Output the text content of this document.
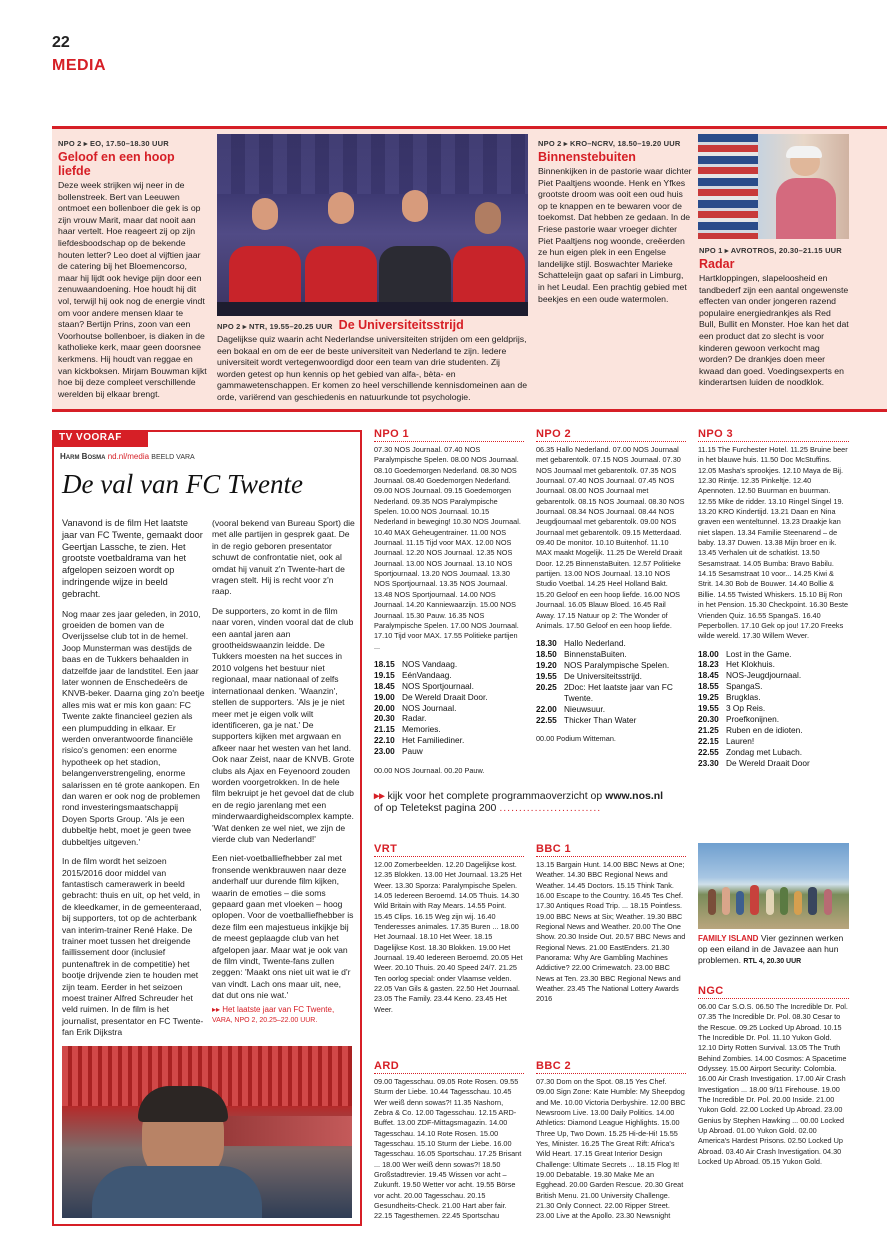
22
MEDIA
NPO 2 ▸ EO, 17.50–18.30 UUR
Geloof en een hoop liefde
Deze week strijken wij neer in de bollenstreek. Bert van Leeuwen ontmoet een bollenboer die gek is op zijn vrouw Marit, maar dat nooit aan haar vertelt. Hoe reageert zij op zijn liefdesboodschap op de bekende houten letter? Leo doet al vijftien jaar de catering bij het Bloemencorso, maar hij lijdt ook hevige pijn door een zenuwaandoening. Hoe houdt hij dit vol, terwijl hij ook nog de energie vindt om voor andere mensen klaar te staan? Bertijn Prins, zoon van een Voorhoutse bollenboer, is diaken in de katholieke kerk, maar geen doorsnee kerkmens. Hij houdt van reggae en van kickboksen. Mirjam Bouwman kijkt hoe bij deze compleet verschillende werelden bij elkaar brengt.
NPO 2 ▸ NTR, 19.55–20.25 UUR De Universiteitsstrijd
Dagelijkse quiz waarin acht Nederlandse universiteiten strijden om een geldprijs, een bokaal en om de eer de beste universiteit van Nederland te zijn. Iedere universiteit wordt vertegenwoordigd door een team van drie studenten. Zij worden getest op hun kennis op het gebied van alfa-, bèta- en gammawetenschappen. Er komen zo heel verschillende kennisdomeinen aan de orde, variërend van geschiedenis en natuurkunde tot psychologie.
NPO 2 ▸ KRO–NCRV, 18.50–19.20 UUR
Binnenstebuiten
Binnenkijken in de pastorie waar dichter Piet Paaltjens woonde. Henk en Yfkes grootste droom was ooit een oud huis op te knappen en te bewaren voor de toekomst. Dat hebben ze gedaan. In de Friese pastorie waar vroeger dichter Piet Paaltjens nog woonde, creëerden ze hun eigen plek in een Engelse landelijke stijl. Boswachter Marieke Schatteleijn gaat op safari in Limburg, in het Leudal. Een prachtig gebied met beekjes en een oude watermolen.
NPO 1 ▸ AVROTROS, 20.30–21.15 UUR
Radar
Hartkloppingen, slapeloosheid en tandbederf zijn een aantal ongewenste effecten van onder jongeren razend populaire energiedrankjes als Red Bull, Bullit en Monster. Hoe kan het dat een product dat zo slecht is voor kinderen gewoon verkocht mag worden? De drankjes doen meer kwaad dan goed. Voedingsexperts en kinderartsen luiden de noodklok.
TV VOORAF
Harm Bosma nd.nl/media BEELD VARA
De val van FC Twente

Vanavond is de film Het laatste jaar van FC Twente, gemaakt door Geertjan Lassche, te zien. Het grootste voetbaldrama van het afgelopen seizoen wordt op indringende wijze in beeld gebracht.

Nog maar zes jaar geleden, in 2010, groeiden de bomen van de Overijsselse club tot in de hemel. Joop Munsterman was destijds de baas en de Tukkers behaalden in datzelfde jaar de landstitel. Een jaar later wonnen de Enschedeërs de KNVB-beker. Daarna ging zo'n beetje alles mis wat er mis kon gaan: FC Twente zakte financieel gezien als een plumpudding in elkaar. Er werden onverantwoorde financiële risico's genomen: een enorme hypotheek op het stadion, belangenverstrengeling, enorme salarissen en té grote aankopen. En dan waren er ook nog de problemen rond investeringsmaatschappij Doyen Sports Group. 'Als je een dubbeltje hebt, moet je geen twee dubbeltjes uitgeven.'

In de film wordt het seizoen 2015/2016 door middel van fantastisch camerawerk in beeld gebracht: thuis en uit, op het veld, in de kleedkamer, in de gemeenteraad, bij supporters, tot op de achterbank van interim-trainer René Hake. De trainer moet tussen het dreigende faillissement door (inclusief puntenaftrek in de competitie) het bootje drijvende zien te houden met zijn team. Eerder in het seizoen moest trainer Alfred Schreuder het veld ruimen. In de film is het journalist, presentator en FC Twente-fan Erik Dijkstra

(vooral bekend van Bureau Sport) die met alle partijen in gesprek gaat. De in de regio geboren presentator schuwt de confrontatie niet, ook al omdat hij vanuit z'n Twente-hart de vragen stelt. Hij is recht voor z'n raap.

De supporters, zo komt in de film naar voren, vinden vooral dat de club een aantal jaren aan grootheidswaanzin leidde. De Tukkers moesten na het succes in 2010 volgens het bestuur niet regionaal, maar nationaal of zelfs internationaal denken. 'Waanzin', stellen de supporters. 'Als je je niet meer met je eigen volk wilt identificeren, ga je nat.' De supporters kijken met argwaan en afkeer naar het westen van het land. Ook naar Zeist, naar de KNVB. Grote clubs als Ajax en Feyenoord zouden worden voorgetrokken. In de hele film bekruipt je het gevoel dat de club en de regio jarenlang met een minderwaardigheidscomplex kampte. 'Wat denken ze wel niet, we zijn de vierde club van Nederland!'

Een niet-voetballiefhebber zal met fronsende wenkbrauwen naar deze anderhalf uur durende film kijken, waarin de emoties – die soms gepaard gaan met vloeken – hoog oplopen. Voor de voetballiefhebber is deze film een majestueus inkijkje bij de meest geplaagde club van het afgelopen jaar. Maar wat je ook van de film vindt, Twente-fans zullen zeggen: 'Maakt ons niet uit wat ie d'r van vindt. Lach ons maar uit, nee, dat dut ons nie wat.'

▸▸ Het laatste jaar van FC Twente,
VARA, NPO 2, 20.25–22.00 UUR.
NPO 1
07.30 NOS Journaal. 07.40 NOS Paralympische Spelen. 08.00 NOS Journaal. 08.10 Goedemorgen Nederland. 08.30 NOS Journaal. 08.40 Goedemorgen Nederland. 09.00 NOS Journaal. 09.15 Goedemorgen Nederland. 09.35 NOS Paralympische Spelen. 10.00 NOS Journaal. 10.15 Nederland in beweging! 10.30 NOS Journaal. 10.40 MAX Geheugentrainer. 11.00 NOS Journaal. 11.15 Tijd voor MAX. 12.00 NOS Journaal. 12.20 NOS Journaal. 12.35 NOS Journaal. 13.00 NOS Journaal. 13.10 NOS Sportjournaal. 13.20 NOS Journaal. 13.30 NOS Sportjournaal. 13.35 NOS Journaal. 13.48 NOS Sportjournaal. 14.00 NOS Journaal. 14.20 Kanniewaarzijn. 15.00 NOS Journaal. 15.30 Pauw. 16.35 NOS Paralympische Spelen. 17.00 NOS Journaal. 17.10 Tijd voor MAX. 17.55 Politieke partijen ...
18.15	NOS Vandaag.
19.15	EénVandaag.
18.45	NOS Sportjournaal.
19.00	De Wereld Draait Door.
20.00	NOS Journaal.
20.30	Radar.
21.15	Memories.
22.10	Het Familiediner.
23.00	Pauw
00.00 NOS Journaal. 00.20 Pauw.
NPO 2
06.35 Hallo Nederland. 07.00 NOS Journaal met gebarentolk. 07.15 NOS Journaal. 07.30 NOS Journaal met gebarentolk. 07.35 NOS Journaal. 07.40 NOS Journaal. 07.45 NOS Journaal. 08.00 NOS Journaal met gebarentolk. 08.15 NOS Journaal. 08.30 NOS Journaal. 08.34 NOS Journaal. 08.44 NOS Jeugdjournaal met gebarentolk. 09.00 NOS Journaal met gebarentolk. 09.15 Metterdaad. 09.40 De monitor. 10.10 Buitenhof. 11.10 MAX maakt Mogelijk. 11.25 De Wereld Draait Door. 12.25 BinnenstaBuiten. 12.57 Politieke partijen. 13.00 NOS Journaal. 13.10 NOS Studio Voetbal. 14.25 Heel Holland Bakt. 15.20 Geloof en een hoop liefde. 16.00 NOS Journaal. 16.05 Blauw Bloed. 16.45 Rail Away. 17.15 Natuur op 2: The Wonder of Animals. 17.50 Geloof en een hoop liefde.
18.30	Hallo Nederland.
18.50	BinnenstaBuiten.
19.20	NOS Paralympische Spelen.
19.55	De Universiteitsstrijd.
20.25	2Doc: Het laatste jaar van FC Twente.
22.00	Nieuwsuur.
22.55	Thicker Than Water
00.00 Podium Witteman.
NPO 3
11.15 The Furchester Hotel. 11.25 Bruine beer in het blauwe huis. 11.50 Doc McStuffins. 12.05 Masha's sprookjes. 12.10 Maya de Bij. 12.30 Rintje. 12.35 Pinkeltje. 12.40 Apennoten. 12.50 Buurman en buurman. 12.55 Mike de ridder. 13.10 Ringel Singel 19. 13.20 KRO Kindertijd. 13.21 Daan en Nina graven een wenteltunnel. 13.23 Draakje kan niet slapen. 13.34 Familie Steenarend – de baby. 13.37 Duwen. 13.38 Mijn broer en ik. 13.45 Verhalen uit de schatkist. 13.50 Sesamstraat. 14.05 Bumba: Bravo Babilu. 14.15 Sesamstraat 10 voor... 14.25 Kiwi & Strit. 14.30 Bob de Bouwer. 14.40 Bollie & Billie. 14.55 Twisted Whiskers. 15.10 Bij Ron in het Pension. 15.30 Checkpoint. 16.30 Beste Vrienden Quiz. 16.55 SpangaS. 16.40 Peperbollen. 17.10 Gek op jou! 17.20 Freeks wilde wereld. 17.30 Willem Wever.
18.00	Lost in the Game.
18.23	Het Klokhuis.
18.45	NOS-Jeugdjournaal.
18.55	SpangaS.
19.25	Brugklas.
19.55	3 Op Reis.
20.30	Proefkonijnen.
21.25	Ruben en de idioten.
22.15	Lauren!
22.55	Zondag met Lubach.
23.30	De Wereld Draait Door
▸▸ kijk voor het complete programmaoverzicht op www.nos.nl
of op Teletekst pagina 200 ..........................
VRT
12.00 Zomerbeelden. 12.20 Dagelijkse kost. 12.35 Blokken. 13.00 Het Journaal. 13.25 Het Weer. 13.30 Sporza: Paralympische Spelen. 14.05 Iedereen Beroemd. 14.05 Thuis. 14.30 Wild Britain with Ray Mears. 14.55 Point. 15.45 Clips. 16.15 Weg zijn wij. 16.40 Tenderesses animales. 17.35 Buren ... 18.00 Het Journaal. 18.10 Het Weer. 18.15 Dagelijkse Kost. 18.30 Blokken. 19.00 Het Journaal. 19.40 Iedereen Beroemd. 20.05 Het Weer. 20.10 Thuis. 20.40 Speed 24/7. 21.25 Ten oorlog special: onder Vlaamse velden. 22.05 Van Gils & gasten. 22.50 Het Journaal. 23.05 The Family. 23.44 Keno. 23.45 Het Weer.
BBC 1
13.15 Bargain Hunt. 14.00 BBC News at One; Weather. 14.30 BBC Regional News and Weather. 14.45 Doctors. 15.15 Think Tank. 16.00 Escape to the Country. 16.45 Tes Chef. 17.30 Antiques Road Trip. ... 18.15 Pointless. 19.00 BBC News at Six; Weather. 19.30 BBC Regional News and Weather. 20.00 The One Show. 20.30 Inside Out. 20.57 BBC News and Regional News. 21.00 EastEnders. 21.30 Panorama: Why Are Gambling Machines Addictive? 22.00 Crimewatch. 23.00 BBC News at Ten. 23.30 BBC Regional News and Weather. 23.45 The National Lottery Awards 2016
ARD
09.00 Tagesschau. 09.05 Rote Rosen. 09.55 Sturm der Liebe. 10.44 Tagesschau. 10.45 Wer weiß denn sowas?! 11.35 Nashorn, Zebra & Co. 12.00 Tagesschau. 12.15 ARD-Buffet. 13.00 ZDF-Mittagsmagazin. 14.00 Tagesschau. 14.10 Rote Rosen. 15.00 Tagesschau. 15.10 Sturm der Liebe. 16.00 Tagesschau. 16.05 Sportschau. 17.25 Brisant ... 18.00 Wer weiß denn sowas?! 18.50 Großstadtrevier. 19.45 Wissen vor acht – Zukunft. 19.50 Wetter vor acht. 19.55 Börse vor acht. 20.00 Tagesschau. 20.15 Gesundheits-Check. 21.00 Hart aber fair. 22.15 Tagesthemen. 22.45 Sportschau
BBC 2
07.30 Dom on the Spot. 08.15 Yes Chef. 09.00 Sign Zone: Kate Humble: My Sheepdog and Me. 10.00 Victoria Derbyshire. 12.00 BBC Newsroom Live. 13.00 Daily Politics. 14.00 Athletics: Diamond League Highlights. 15.00 Three Up, Two Down. 15.25 Hi-de-Hi! 15.55 Yes, Minister. 16.25 The Great Rift: Africa's Wild Heart. 17.15 Great Interior Design Challenge: Ultimate Secrets ... 18.15 Flog It! 19.00 Debatable. 19.30 Make Me an Egghead. 20.00 Garden Rescue. 20.30 Great British Menu. 21.00 University Challenge. 21.30 Only Connect. 22.00 Ripper Street. 23.00 Live at the Apollo. 23.30 Newsnight
FAMILY ISLAND Vier gezinnen werken op een eiland in de Javazee aan hun problemen. RTL 4, 20.30 UUR
NGC
06.00 Car S.O.S. 06.50 The Incredible Dr. Pol. 07.35 The Incredible Dr. Pol. 08.30 Cesar to the Rescue. 09.25 Locked Up Abroad. 10.15 The Incredible Dr. Pol. 11.10 Yukon Gold. 12.10 Dirty Rotten Survival. 13.05 The Truth Behind Zombies. 14.00 Cosmos: A Spacetime Odyssey. 15.00 Airport Security: Colombia. 16.00 Air Crash Investigation. 17.00 Air Crash Investigation ... 18.00 9/11 Firehouse. 19.00 The Incredible Dr. Pol. 20.00 Inside. 21.00 Yukon Gold. 22.00 Locked Up Abroad. 23.00 Genius by Stephen Hawking ... 00.00 Locked Up Abroad. 01.00 Yukon Gold. 02.00 America's Hardest Prisons. 02.50 Locked Up Abroad. 03.40 Air Crash Investigation. 04.30 Locked Up Abroad. 05.15 Yukon Gold.
